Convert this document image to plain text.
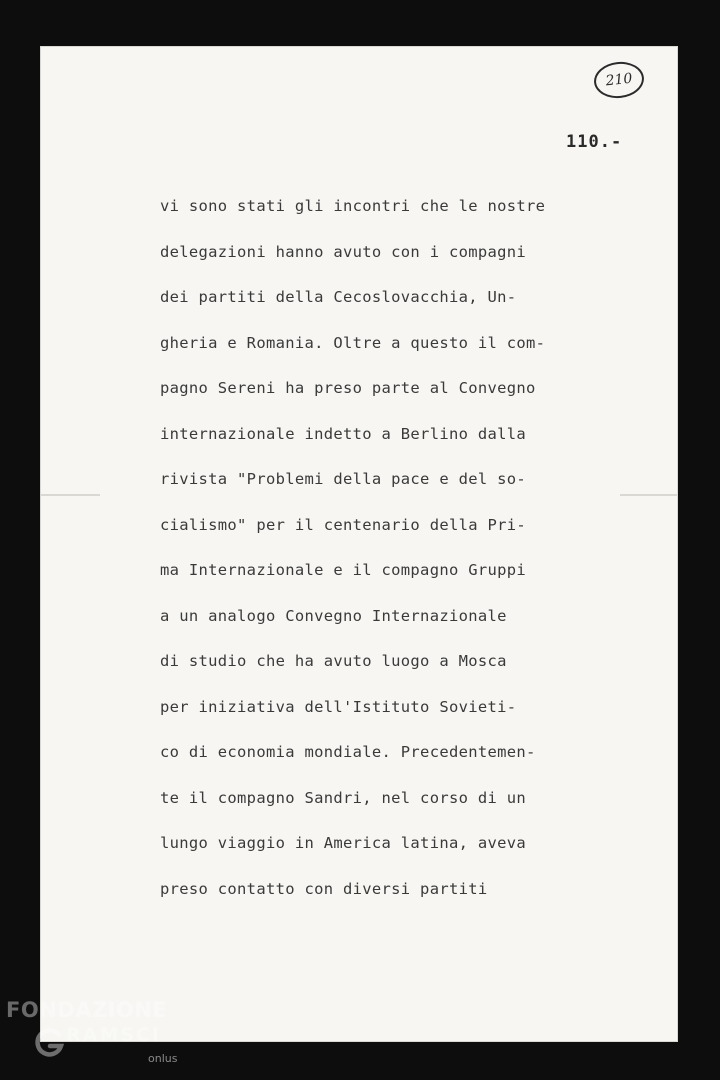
210
110.-
vi sono stati gli incontri che le nostre
delegazioni hanno avuto con i compagni
dei partiti della Cecoslovacchia, Un-
gheria e Romania. Oltre a questo il com-
pagno Sereni ha preso parte al Convegno
internazionale indetto a Berlino dalla
rivista "Problemi della pace e del so-
cialismo" per il centenario della Pri-
ma Internazionale e il compagno Gruppi
a un analogo Convegno Internazionale
di studio che ha avuto luogo a Mosca
per iniziativa dell'Istituto Sovieti-
co di economia mondiale. Precedentemen-
te il compagno Sandri, nel corso di un
lungo viaggio in America latina, aveva
preso contatto con diversi partiti
FONDAZIONE
RAMSCI
onlus
